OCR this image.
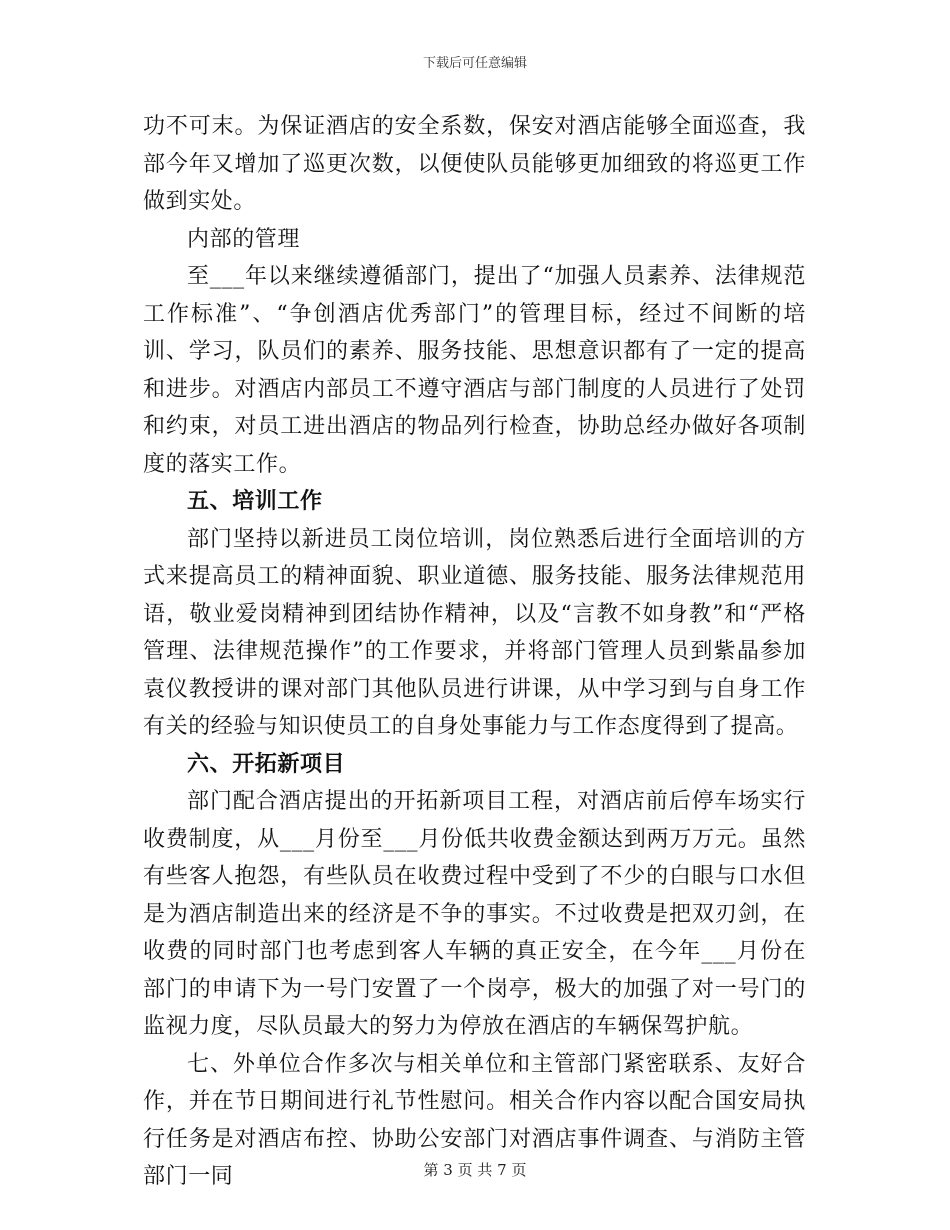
下载后可任意编辑

功不可末。为保证酒店的安全系数，保安对酒店能够全面巡查，我部今年又增加了巡更次数，以便使队员能够更加细致的将巡更工作做到实处。

内部的管理

至___年以来继续遵循部门，提出了“加强人员素养、法律规范工作标准”、“争创酒店优秀部门”的管理目标，经过不间断的培训、学习，队员们的素养、服务技能、思想意识都有了一定的提高和进步。对酒店内部员工不遵守酒店与部门制度的人员进行了处罚和约束，对员工进出酒店的物品列行检查，协助总经办做好各项制度的落实工作。

五、培训工作

部门坚持以新进员工岗位培训，岗位熟悉后进行全面培训的方式来提高员工的精神面貌、职业道德、服务技能、服务法律规范用语，敬业爱岗精神到团结协作精神，以及“言教不如身教”和“严格管理、法律规范操作”的工作要求，并将部门管理人员到紫晶参加袁仪教授讲的课对部门其他队员进行讲课，从中学习到与自身工作有关的经验与知识使员工的自身处事能力与工作态度得到了提高。

六、开拓新项目

部门配合酒店提出的开拓新项目工程，对酒店前后停车场实行收费制度，从___月份至___月份低共收费金额达到两万万元。虽然有些客人抱怨，有些队员在收费过程中受到了不少的白眼与口水但是为酒店制造出来的经济是不争的事实。不过收费是把双刃剑，在收费的同时部门也考虑到客人车辆的真正安全，在今年___月份在部门的申请下为一号门安置了一个岗亭，极大的加强了对一号门的监视力度，尽队员最大的努力为停放在酒店的车辆保驾护航。

七、外单位合作多次与相关单位和主管部门紧密联系、友好合作，并在节日期间进行礼节性慰问。相关合作内容以配合国安局执行任务是对酒店布控、协助公安部门对酒店事件调查、与消防主管部门一同	第 3 页 共 7 页
